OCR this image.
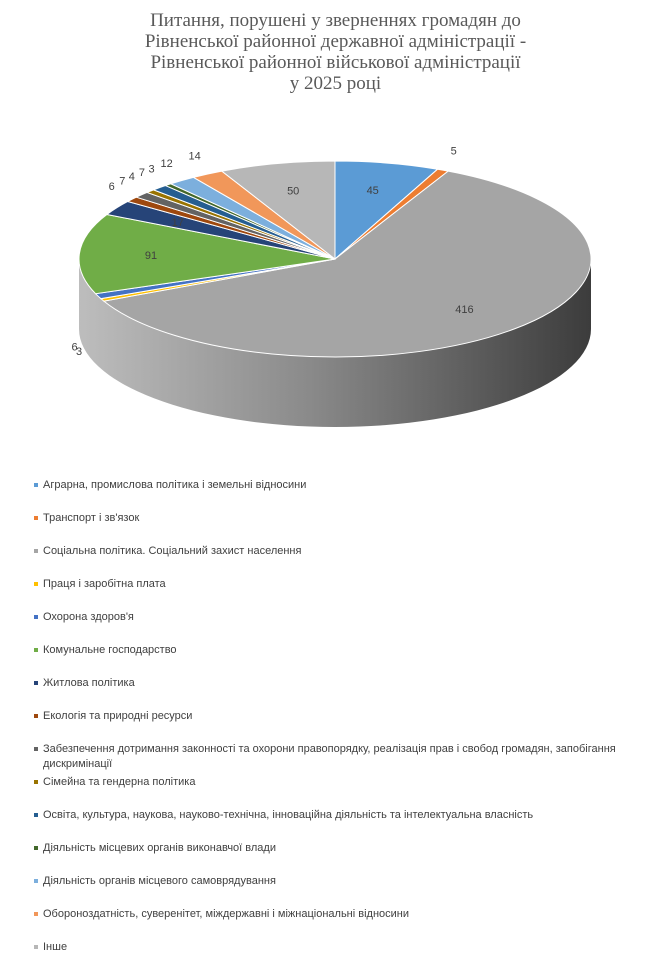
Питання, порушені у зверненнях громадян до
Рівненської районної державної адміністрації -
Рівненської районної військової адміністрації
у 2025 році
45
5
416
3
6
91
17
6 7 4 7 3 12
14
50
Аграрна, промислова політика і земельні відносини
Транспорт і зв'язок
Соціальна політика. Соціальний захист населення
Праця і заробітна плата
Охорона здоров'я
Комунальне господарство
Житлова політика
Екологія та природні ресурси
Забезпечення дотримання законності та охорони правопорядку, реалізація прав і свобод громадян, запобігання дискримінації
Сімейна та гендерна політика
Освіта, культура, наукова, науково-технічна, інноваційна діяльність та інтелектуальна власність
Діяльність місцевих органів виконавчої влади
Діяльність органів місцевого самоврядування
Обороноздатність, суверенітет, міждержавні і міжнаціональні відносини
Інше
